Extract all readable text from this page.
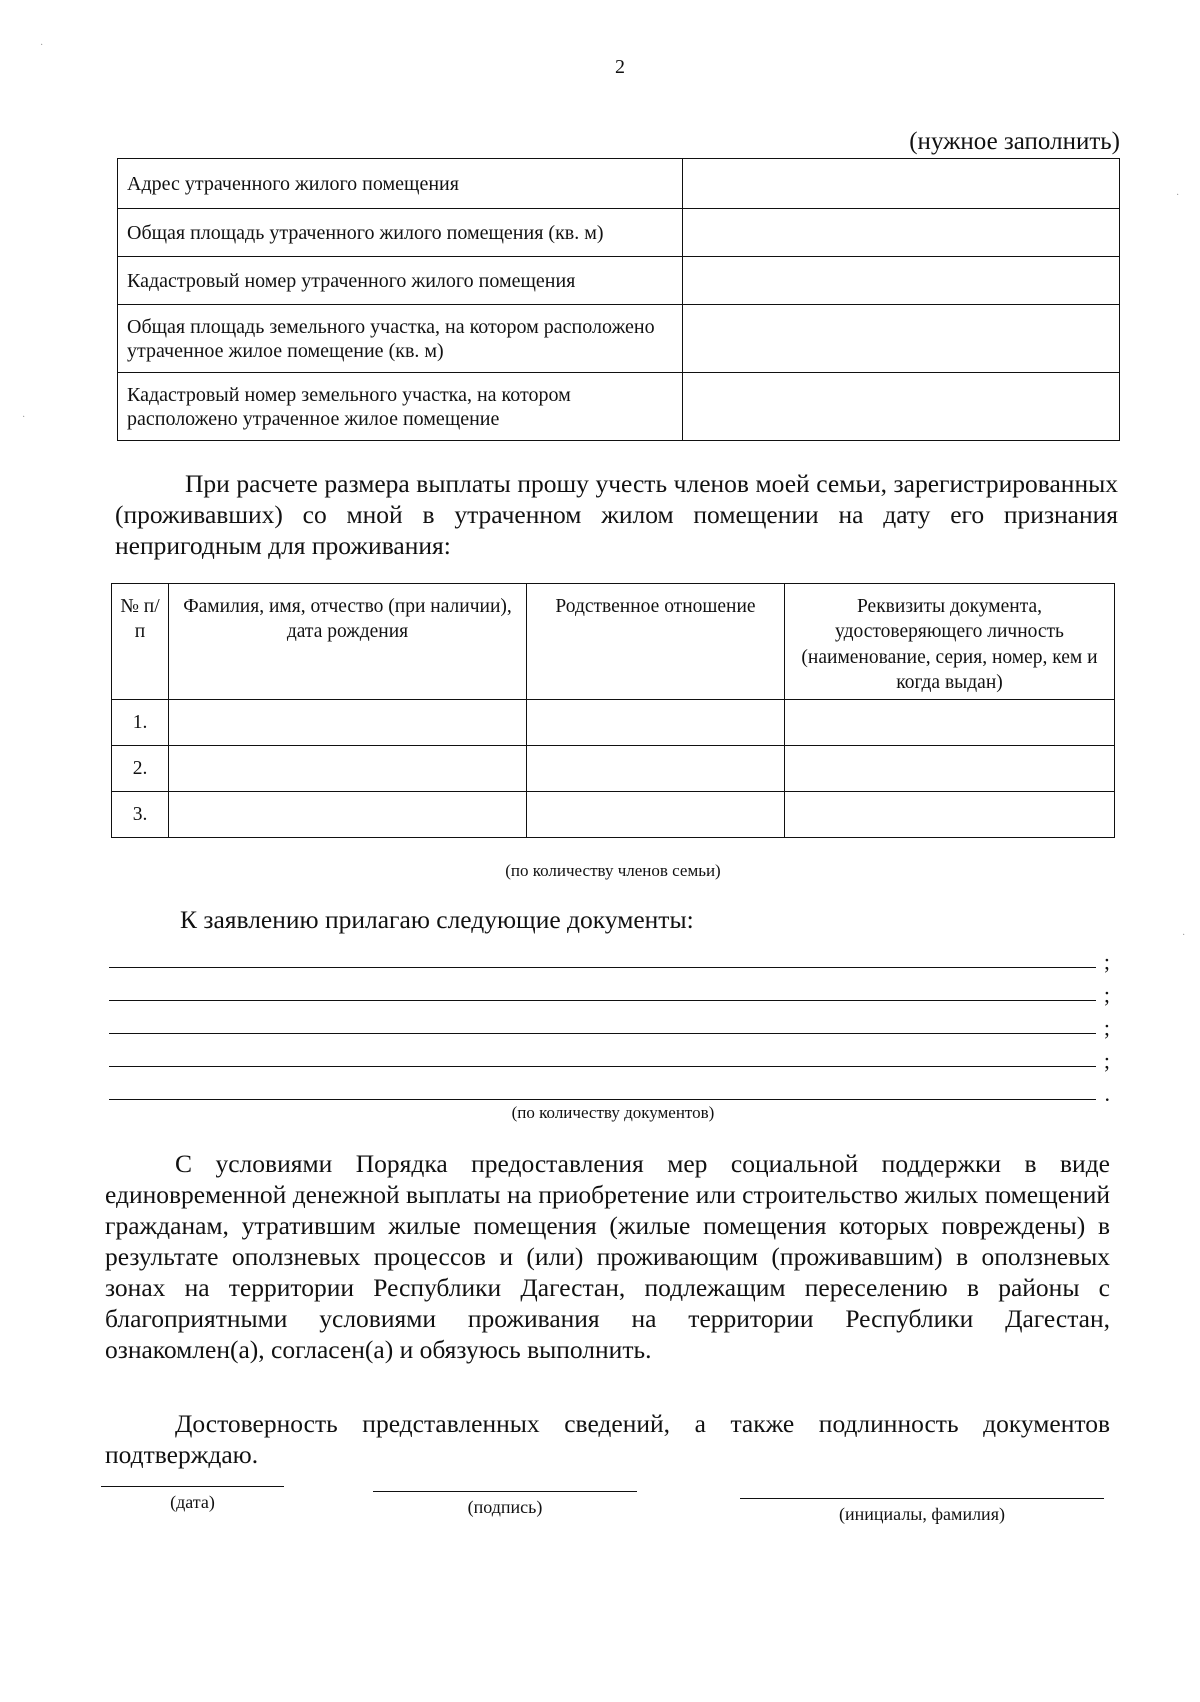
2
(нужное заполнить)
Адрес утраченного жилого помещения	
Общая площадь утраченного жилого помещения (кв. м)	
Кадастровый номер утраченного жилого помещения	
Общая площадь земельного участка, на котором расположено утраченное жилое помещение (кв. м)	
Кадастровый номер земельного участка, на котором расположено утраченное жилое помещение	
При расчете размера выплаты прошу учесть членов моей семьи, зарегистрированных (проживавших) со мной в утраченном жилом помещении на дату его признания непригодным для проживания:
№ п/п	Фамилия, имя, отчество (при наличии), дата рождения	Родственное отношение	Реквизиты документа, удостоверяющего личность (наименование, серия, номер, кем и когда выдан)
1.			
2.			
3.			
(по количеству членов семьи)
К заявлению прилагаю следующие документы:
;
;
;
;
.
(по количеству документов)
С условиями Порядка предоставления мер социальной поддержки в виде единовременной денежной выплаты на приобретение или строительство жилых помещений гражданам, утратившим жилые помещения (жилые помещения которых повреждены) в результате оползневых процессов и (или) проживающим (проживавшим) в оползневых зонах на территории Республики Дагестан, подлежащим переселению в районы с благоприятными условиями проживания на территории Республики Дагестан, ознакомлен(а), согласен(а) и обязуюсь выполнить.
Достоверность представленных сведений, а также подлинность документов подтверждаю.
(дата)	(подпись)	(инициалы, фамилия)
·
·
·
·
